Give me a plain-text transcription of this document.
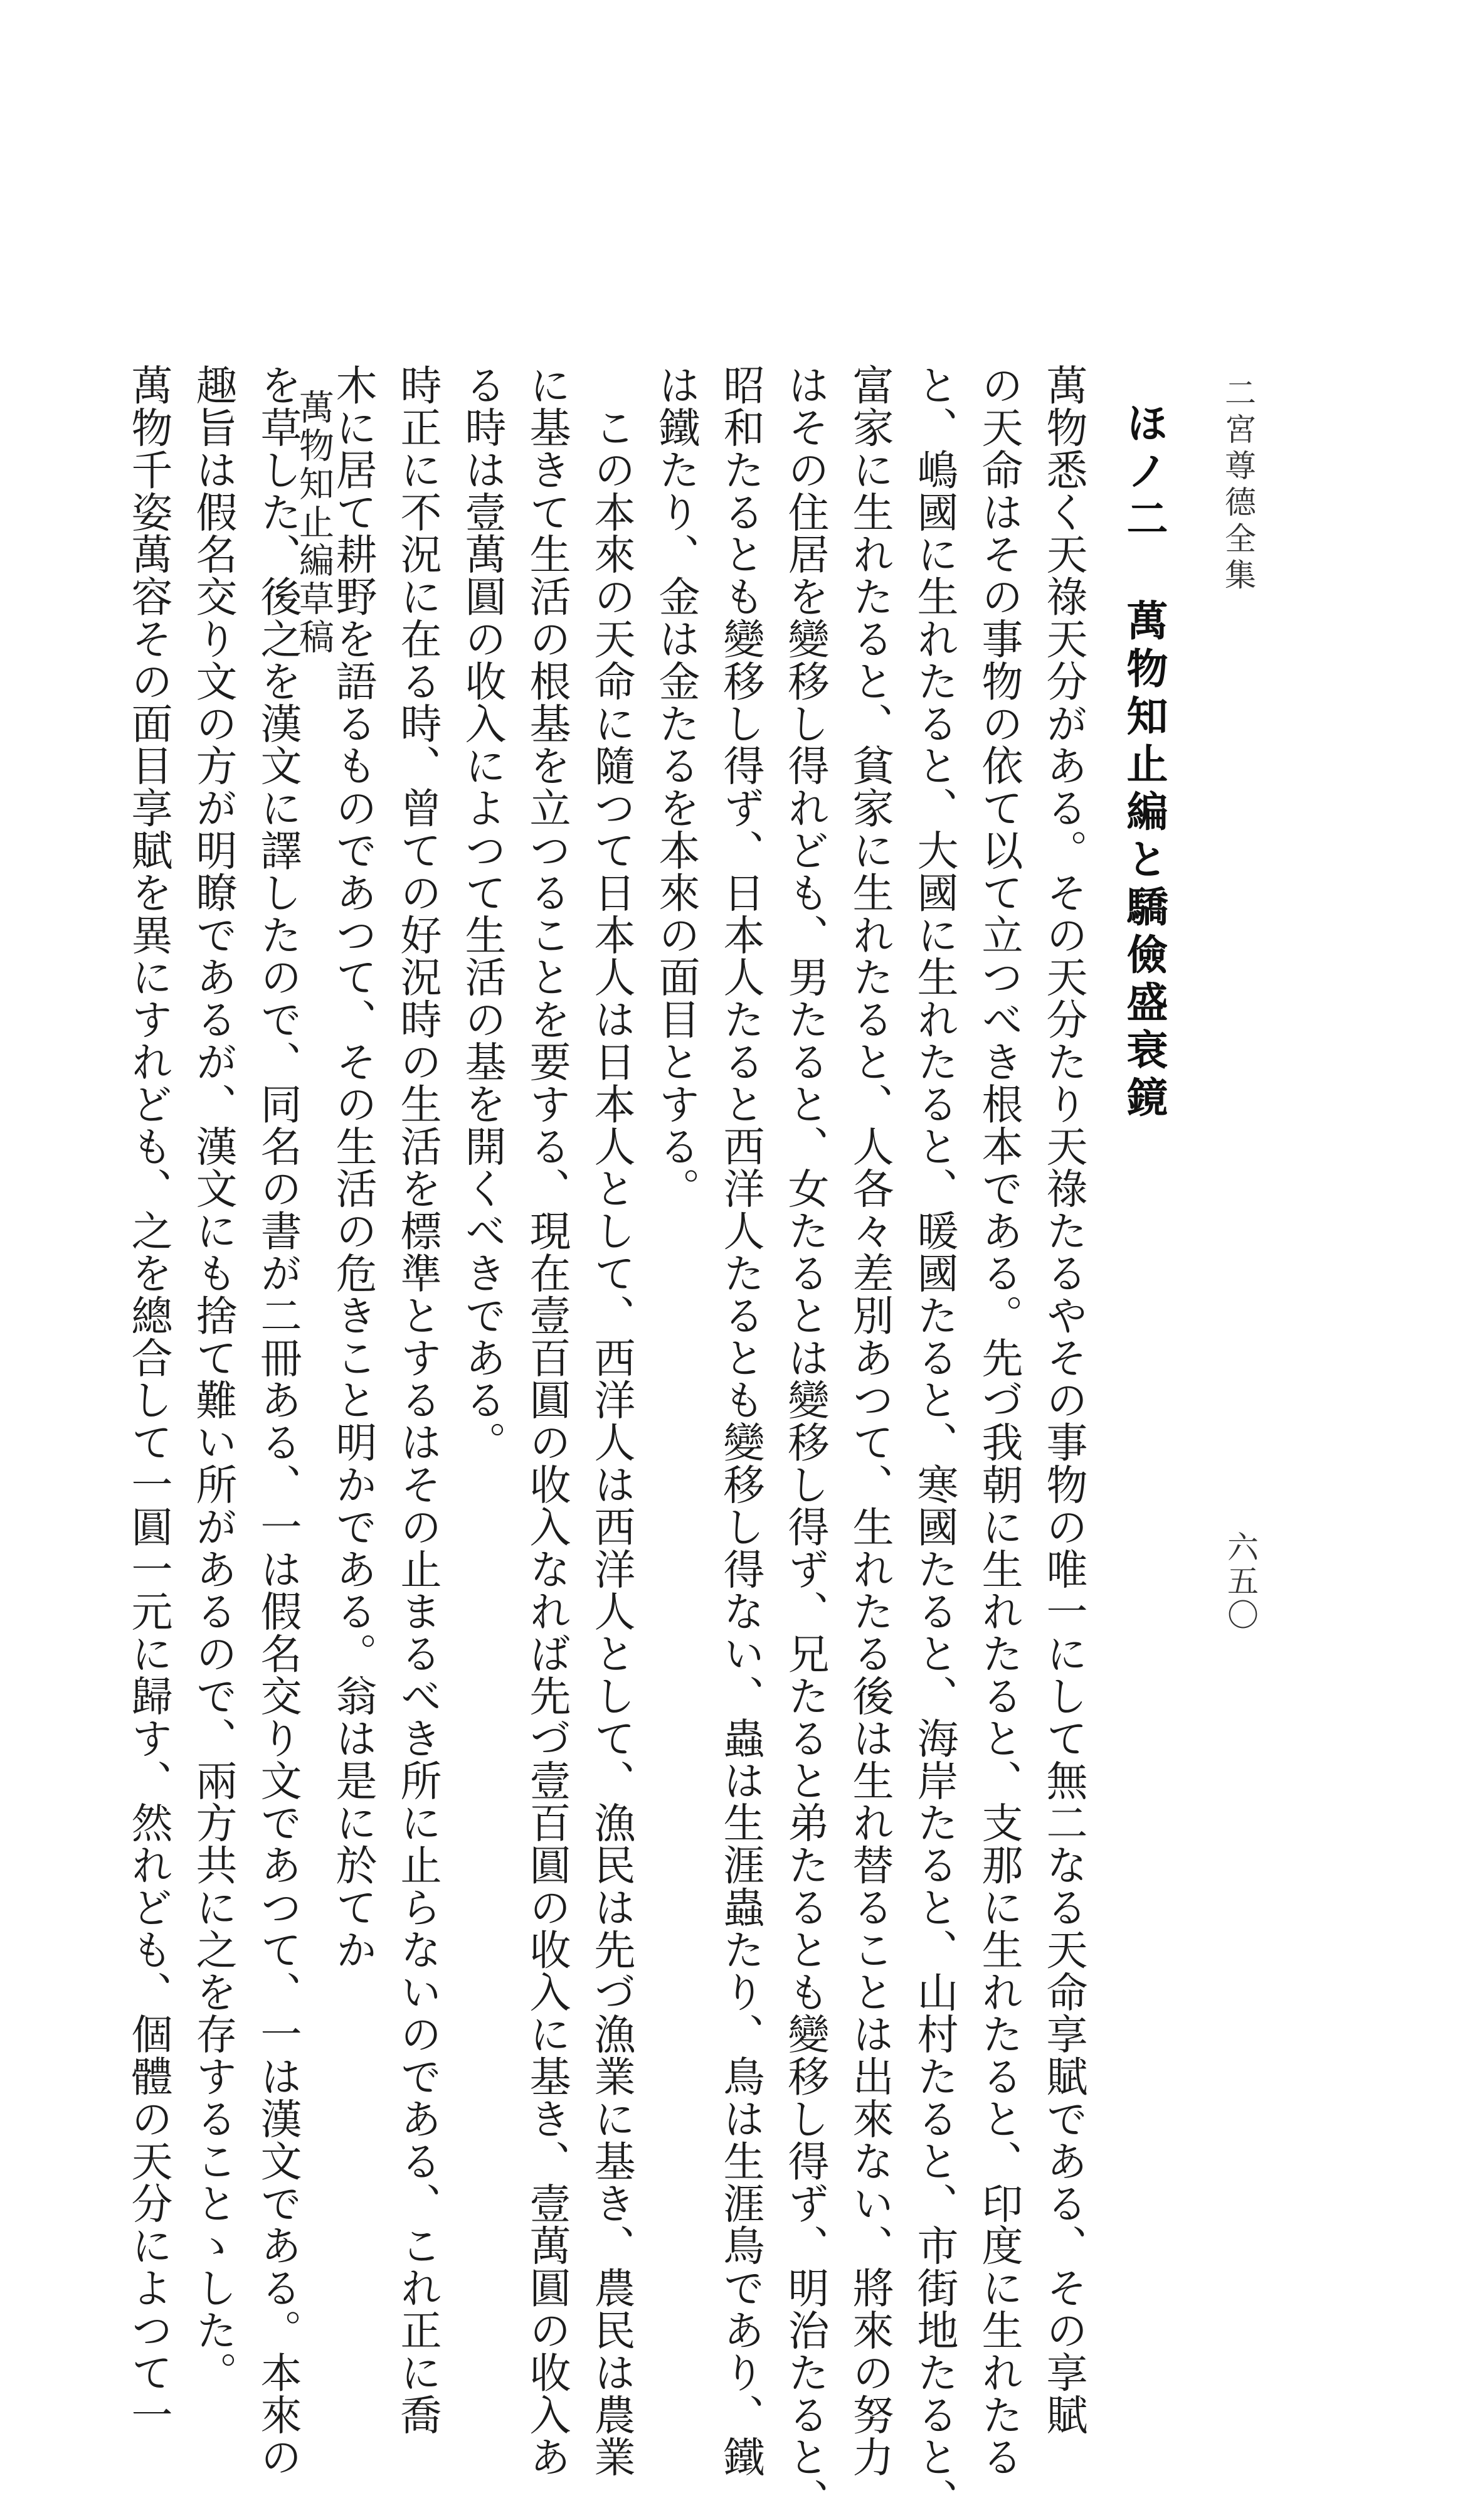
二宮尊德全集
六五〇
ほノ二 萬物知止編と驕儉盛衰鏡
萬物悉く天祿天分がある。その天分たり天祿たるやその事物の唯一にして無二なる天命享賦である、その享賦
の天命はその事物の依て以て立つべき根本である。先づ我朝に生れたると、支那に生れたると、印度に生れたる
と、嶋國に生れたると、大國に生れたると、暖國たると、寒國たると、海岸たると、山村たると、市街地たると、
富家に生れたると、貧家に生れたると、人各々差別あつて、生れたる後は生れ替ることは出來ない、將來の努力
はその住居を變移し得れども、男たると、女たるとは變移し得ず、兄たると弟たるとも變移し得ず、明治たると、
昭和たるとも變移し得ず、日本人たると西洋人たるとも變移し得ない、蟲は生涯蟲たり、鳥は生涯鳥であり、鐵
は鐵たり、金は金たるを本來の面目とする。
　この本來の天命に隨つて日本人は日本人として、西洋人は西洋人として、漁民は先づ漁業に基き、農民は農業
に基きて生活の根基を立つることを要する、現在壹百圓の收入なれば先づ壹百圓の收入に基き、壹萬圓の收入あ
る時は壹萬圓の收入によつて生活の基を開くべきである。
時正に不況に在る時、曾ての好況時の生活を標準とするはその止まるべき所に止らないのである、これ正に喬
木に居て耕野を語るものであつて、その生活の危きこと明かである。翁は是に於てか
萬物知止編草稿
を草した、後之を漢文に譯したので、同名の書が二冊ある、一は假名交り文であつて、一は漢文である。本來の
趣旨は假名交り文の方が明瞭であるが、漢文にも捨て難い所があるので、兩方共に之を存することゝした。
萬物千姿萬容その面目享賦を異にすれども、之を總合して一圓一元に歸す、然れども、個體の天分によつて一
